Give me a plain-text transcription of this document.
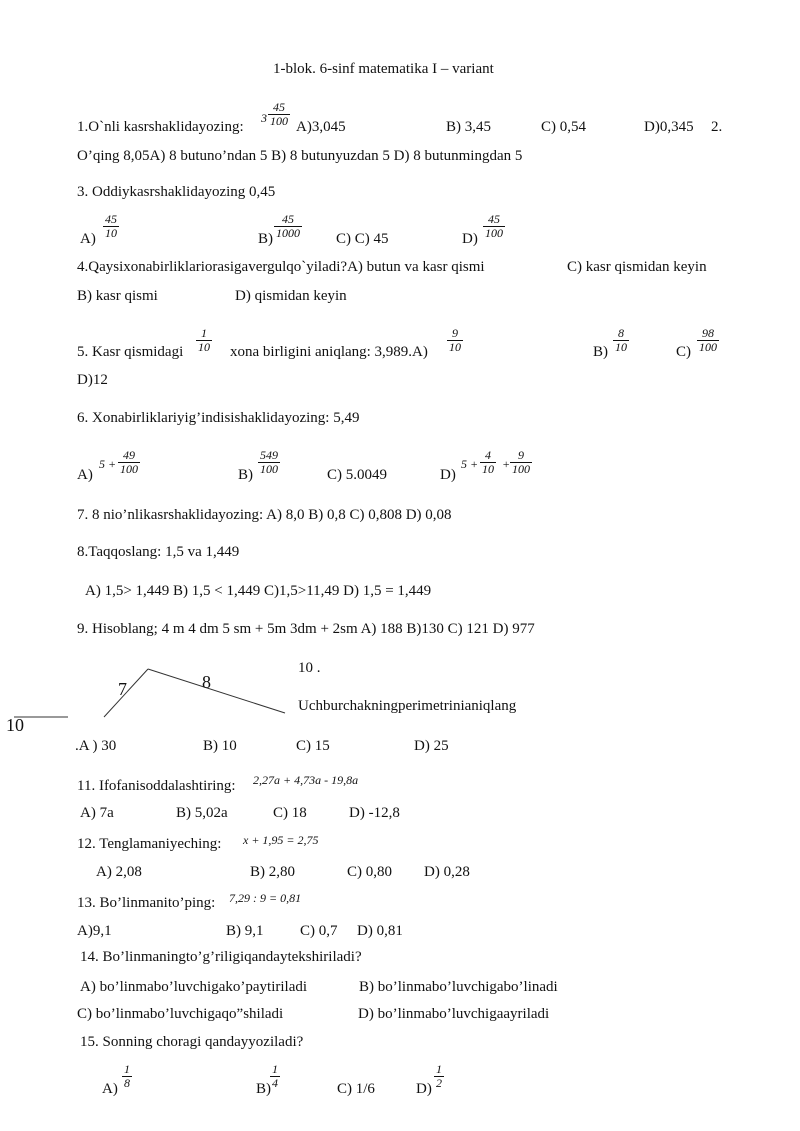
1-blok. 6-sinf matematika I – variant
1.O`nli kasrshaklidayozing:
$3 \frac{45}{100} A)3,045$	B) 3,45	C) 0,54	D)0,345 2.
O’qing 8,05A) 8 butuno’ndan 5 B) 8 butunyuzdan 5 D) 8 butunmingdan 5
3. Oddiykasrshaklidayozing 0,45
$A) \frac{45}{10}$	$B) \frac{45}{1000} C$) C) 45	$D) \frac{45}{100}$
4.Qaysixonabirliklariorasigavergulqo`yiladi?A) butun va kasr qismi	C) kasr qismidan keyin
B) kasr qismi	D) qismidan keyin
5. Kasr qismidagi $\frac{1}{10}$ xona birligini aniqlang: $3,989.A) \frac{9}{10}$	$B) \frac{8}{10}$	$C) \frac{98}{100}$
D)12
6. Xonabirliklariyig’indisishaklidayozing: 5,49
A)
$5 + \frac{49}{100}$	$B) \frac{549}{100}$	C) 5.0049	D)
$5 + \frac{4}{10} + \frac{9}{100}$
7. 8 nio’nlikasrshaklidayozing: A) 8,0 B) 0,8 C) 0,808 D) 0,08
8.Taqqoslang: 1,5 va 1,449
A) 1,5> 1,449 B) 1,5 < 1,449 C)1,5>11,49 D) 1,5 = 1,449
9. Hisoblang; 4 m 4 dm 5 sm + 5m 3dm + 2sm A) 188 B)130 C) 121 D) 977
7	8
10
10 .
Uchburchakningperimetrinianiqlang
.A ) 30	B) 10	C) 15	D) 25
11. Ifofanisoddalashtiring: 2,27a + 4,73a - 19,8a
A) 7a	B) 5,02a	C) 18	D) -12,8
12. Tenglamaniyeching: x + 1,95 = 2,75
A) 2,08	B) 2,80	C) 0,80 D) 0,28
13. Bo’linmanito’ping: 7,29 : 9 = 0,81
A)9,1	B) 9,1 C) 0,7 D) 0,81
14. Bo’linmaningto’g’riligiqandaytekshiriladi?
A) bo’linmabo’luvchigako’paytiriladi	B) bo’linmabo’luvchigabo’linadi
C) bo’linmabo’luvchigaqo”shiladi	D) bo’linmabo’luvchigaayriladi
15. Sonning choragi qandayyoziladi?
$A) \frac{1}{8}$	$B) \frac{1}{4}$	C) 1/6	$D) \frac{1}{2}$
